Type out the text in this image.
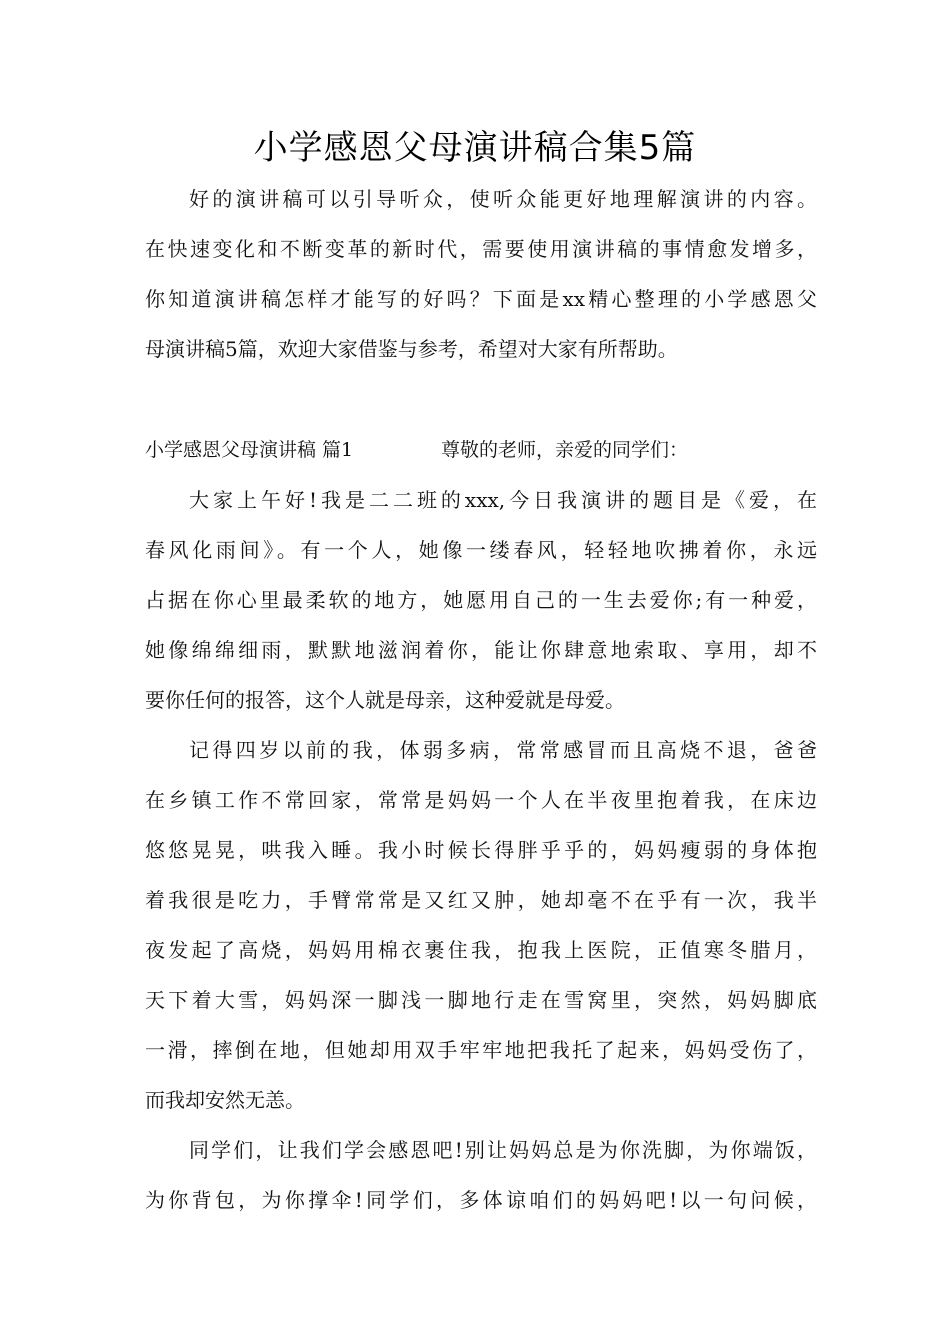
小学感恩父母演讲稿合集5篇
好的演讲稿可以引导听众，使听众能更好地理解演讲的内容。
在快速变化和不断变革的新时代，需要使用演讲稿的事情愈发增多，
你知道演讲稿怎样才能写的好吗？下面是xx精心整理的小学感恩父
母演讲稿5篇，欢迎大家借鉴与参考，希望对大家有所帮助。
小学感恩父母演讲稿 篇1	尊敬的老师，亲爱的同学们：
大家上午好!我是二二班的xxx,今日我演讲的题目是《爱，在
春风化雨间》。有一个人，她像一缕春风，轻轻地吹拂着你，永远
占据在你心里最柔软的地方，她愿用自己的一生去爱你;有一种爱，
她像绵绵细雨，默默地滋润着你，能让你肆意地索取、享用，却不
要你任何的报答，这个人就是母亲，这种爱就是母爱。
记得四岁以前的我，体弱多病，常常感冒而且高烧不退，爸爸
在乡镇工作不常回家，常常是妈妈一个人在半夜里抱着我，在床边
悠悠晃晃，哄我入睡。我小时候长得胖乎乎的，妈妈瘦弱的身体抱
着我很是吃力，手臂常常是又红又肿，她却毫不在乎有一次，我半
夜发起了高烧，妈妈用棉衣裹住我，抱我上医院，正值寒冬腊月，
天下着大雪，妈妈深一脚浅一脚地行走在雪窝里，突然，妈妈脚底
一滑，摔倒在地，但她却用双手牢牢地把我托了起来，妈妈受伤了，
而我却安然无恙。
同学们，让我们学会感恩吧!别让妈妈总是为你洗脚，为你端饭，
为你背包，为你撑伞!同学们，多体谅咱们的妈妈吧!以一句问候，
